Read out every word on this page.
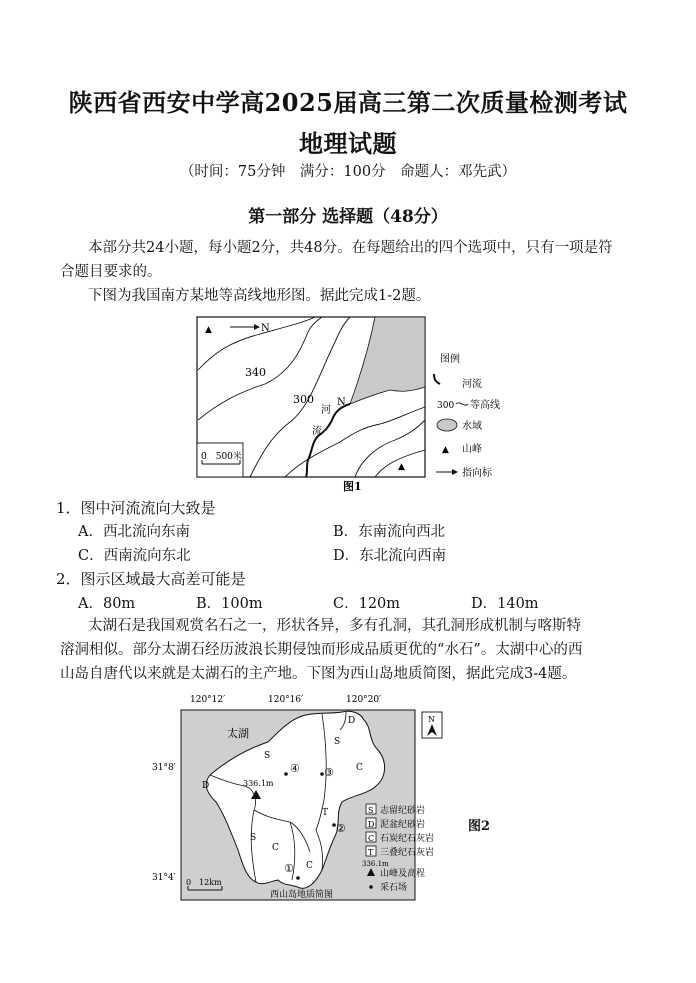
陕西省西安中学高2025届高三第二次质量检测考试
地理试题
（时间：75分钟　满分：100分　命题人：邓先武）
第一部分 选择题（48分）
本部分共24小题，每小题2分，共48分。在每题给出的四个选项中，只有一项是符
合题目要求的。
下图为我国南方某地等高线地形图。据此完成1-2题。
0　500米
▲	N
▲
340
300 N
河
流
图例
河流
300 等高线
水域
▲ 山峰
指向标
图1
1．图中河流流向大致是
A．西北流向东南	B．东南流向西北
C．西南流向东北	D．东北流向西南
2．图示区域最大高差可能是
A．80m	B．100m	C．120m	D．140m
太湖石是我国观赏名石之一，形状各异，多有孔洞，其孔洞形成机制与喀斯特
溶洞相似。部分太湖石经历波浪长期侵蚀而形成品质更优的“水石”。太湖中心的西
山岛自唐代以来就是太湖石的主产地。下图为西山岛地质简图，据此完成3-4题。
120°12′	120°16′	120°20′
31°8′
31°4′
太湖
D
S
S
D
C
T
S
C
C
336.1m
①
②
③
④
0　12km
西山岛地质简图
N
S 志留纪砂岩
D 泥盆纪砂岩
C 石炭纪石灰岩
T 三叠纪石灰岩
336.1m
山峰及高程
采石场
图2
